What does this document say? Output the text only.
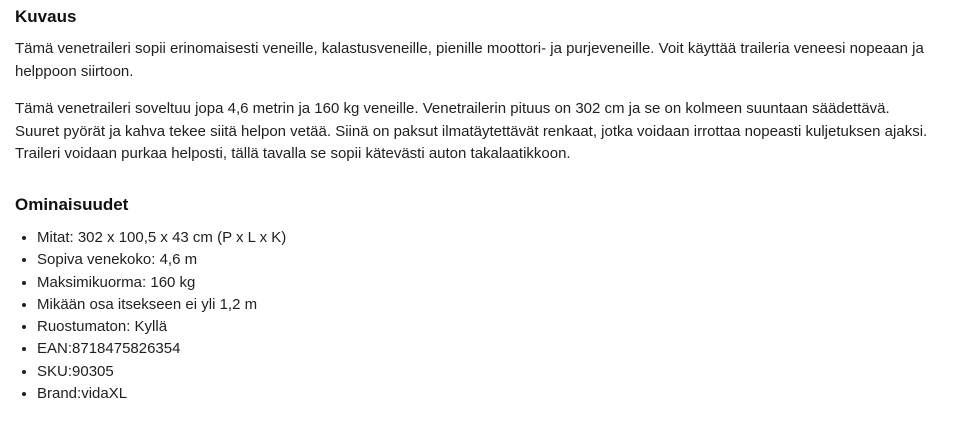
Kuvaus

Tämä venetraileri sopii erinomaisesti veneille, kalastusveneille, pienille moottori- ja purjeveneille. Voit käyttää traileria veneesi nopeaan ja helppoon siirtoon.

Tämä venetraileri soveltuu jopa 4,6 metrin ja 160 kg veneille. Venetrailerin pituus on 302 cm ja se on kolmeen suuntaan säädettävä. Suuret pyörät ja kahva tekee siitä helpon vetää. Siinä on paksut ilmatäytettävät renkaat, jotka voidaan irrottaa nopeasti kuljetuksen ajaksi. Traileri voidaan purkaa helposti, tällä tavalla se sopii kätevästi auton takalaatikkoon.

Ominaisuudet
• Mitat: 302 x 100,5 x 43 cm (P x L x K)
• Sopiva venekoko: 4,6 m
• Maksimikuorma: 160 kg
• Mikään osa itsekseen ei yli 1,2 m
• Ruostumaton: Kyllä
• EAN:8718475826354
• SKU:90305
• Brand:vidaXL
